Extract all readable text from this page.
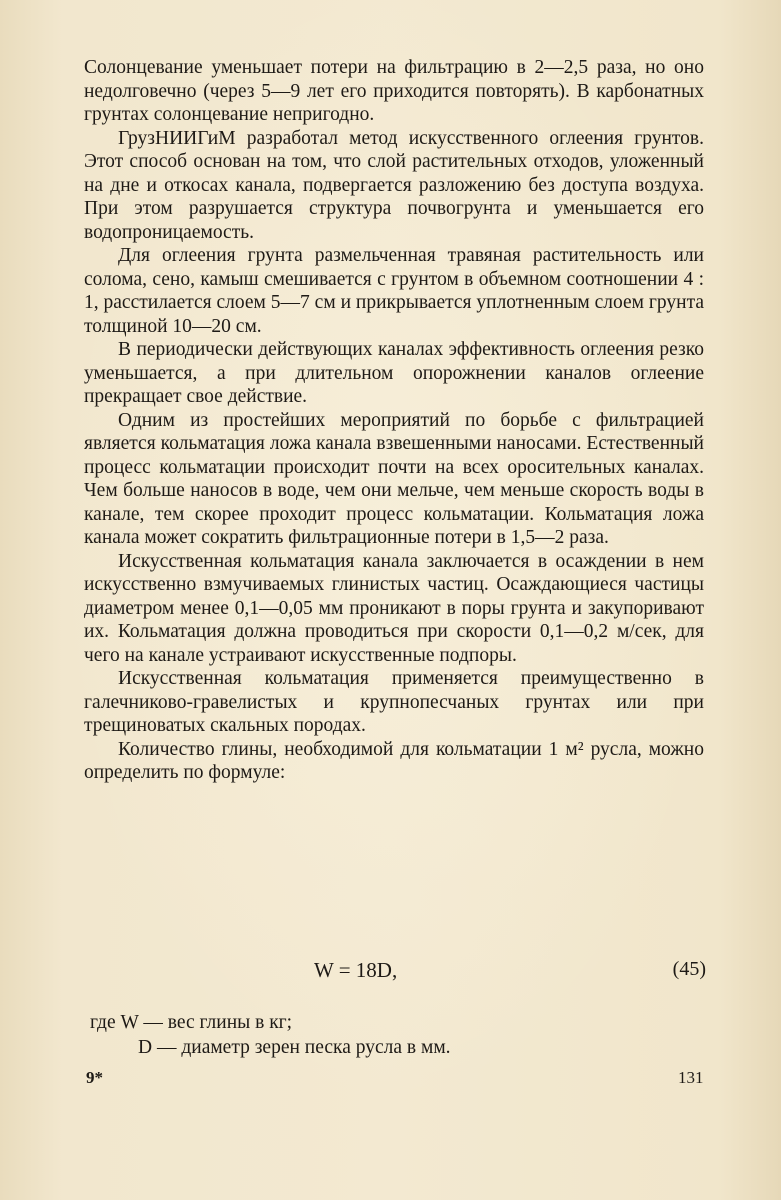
Солонцевание уменьшает потери на фильтрацию в 2—2,5 раза, но оно недолговечно (через 5—9 лет его приходится повторять). В карбонатных грунтах солонцевание непригодно.

ГрузНИИГиМ разработал метод искусственного оглеения грунтов. Этот способ основан на том, что слой растительных отходов, уложенный на дне и откосах канала, подвергается разложению без доступа воздуха. При этом разрушается структура почвогрунта и уменьшается его водопроницаемость.

Для оглеения грунта размельченная травяная растительность или солома, сено, камыш смешивается с грунтом в объемном соотношении 4 : 1, расстилается слоем 5—7 см и прикрывается уплотненным слоем грунта толщиной 10—20 см.

В периодически действующих каналах эффективность оглеения резко уменьшается, а при длительном опорожнении каналов оглеение прекращает свое действие.

Одним из простейших мероприятий по борьбе с фильтрацией является кольматация ложа канала взвешенными наносами. Естественный процесс кольматации происходит почти на всех оросительных каналах. Чем больше наносов в воде, чем они мельче, чем меньше скорость воды в канале, тем скорее проходит процесс кольматации. Кольматация ложа канала может сократить фильтрационные потери в 1,5—2 раза.

Искусственная кольматация канала заключается в осаждении в нем искусственно взмучиваемых глинистых частиц. Осаждающиеся частицы диаметром менее 0,1—0,05 мм проникают в поры грунта и закупоривают их. Кольматация должна проводиться при скорости 0,1—0,2 м/сек, для чего на канале устраивают искусственные подпоры.

Искусственная кольматация применяется преимущественно в галечниково-гравелистых и крупнопесчаных грунтах или при трещиноватых скальных породах.

Количество глины, необходимой для кольматации 1 м² русла, можно определить по формуле:

W = 18D,	(45)
где W — вес глины в кг;
D — диаметр зерен песка русла в мм.
9*	131
